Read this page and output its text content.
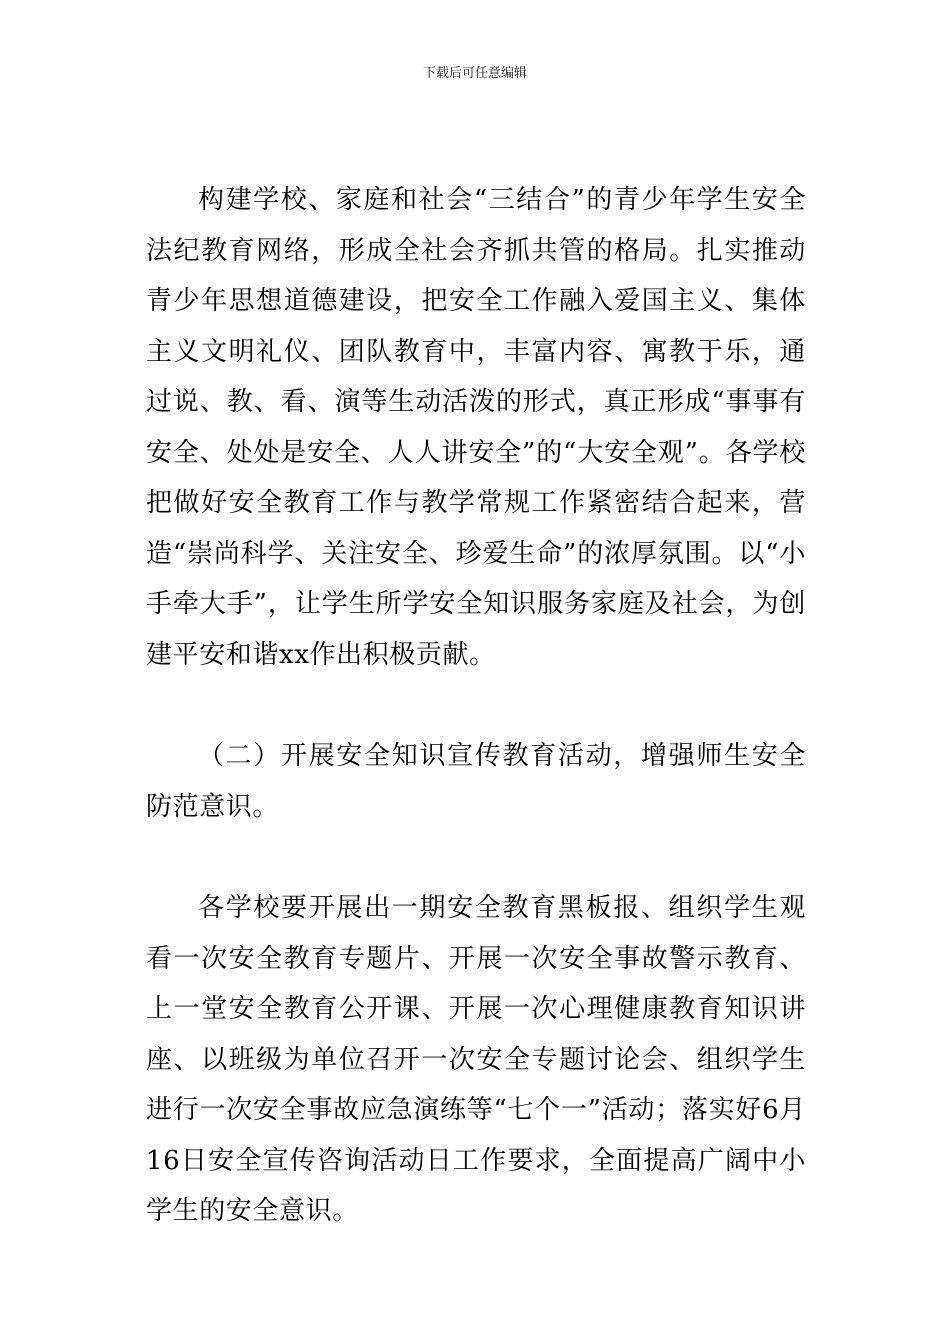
下载后可任意编辑

构建学校、家庭和社会“三结合”的青少年学生安全法纪教育网络，形成全社会齐抓共管的格局。扎实推动青少年思想道德建设，把安全工作融入爱国主义、集体主义文明礼仪、团队教育中，丰富内容、寓教于乐，通过说、教、看、演等生动活泼的形式，真正形成“事事有安全、处处是安全、人人讲安全”的“大安全观”。各学校把做好安全教育工作与教学常规工作紧密结合起来，营造“崇尚科学、关注安全、珍爱生命”的浓厚氛围。以“小手牵大手”，让学生所学安全知识服务家庭及社会，为创建平安和谐xx作出积极贡献。

（二）开展安全知识宣传教育活动，增强师生安全防范意识。

各学校要开展出一期安全教育黑板报、组织学生观看一次安全教育专题片、开展一次安全事故警示教育、上一堂安全教育公开课、开展一次心理健康教育知识讲座、以班级为单位召开一次安全专题讨论会、组织学生进行一次安全事故应急演练等“七个一”活动；落实好6月16日安全宣传咨询活动日工作要求，全面提高广阔中小学生的安全意识。
